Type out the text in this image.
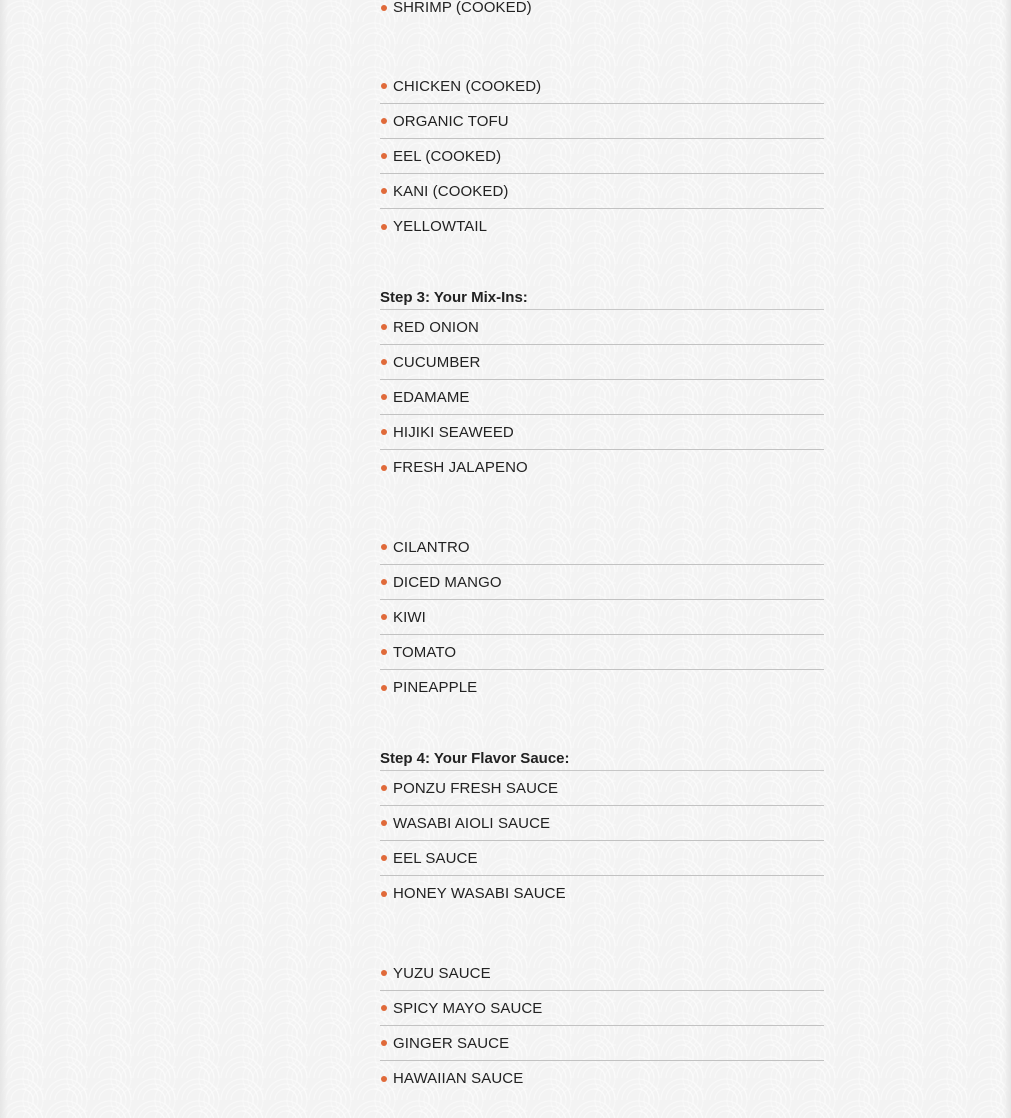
SHRIMP (COOKED)
CHICKEN (COOKED)
ORGANIC TOFU
EEL (COOKED)
KANI (COOKED)
YELLOWTAIL
Step 3: Your Mix-Ins:
RED ONION
CUCUMBER
EDAMAME
HIJIKI SEAWEED
FRESH JALAPENO
CILANTRO
DICED MANGO
KIWI
TOMATO
PINEAPPLE
Step 4: Your Flavor Sauce:
PONZU FRESH SAUCE
WASABI AIOLI SAUCE
EEL SAUCE
HONEY WASABI SAUCE
YUZU SAUCE
SPICY MAYO SAUCE
GINGER SAUCE
HAWAIIAN SAUCE
